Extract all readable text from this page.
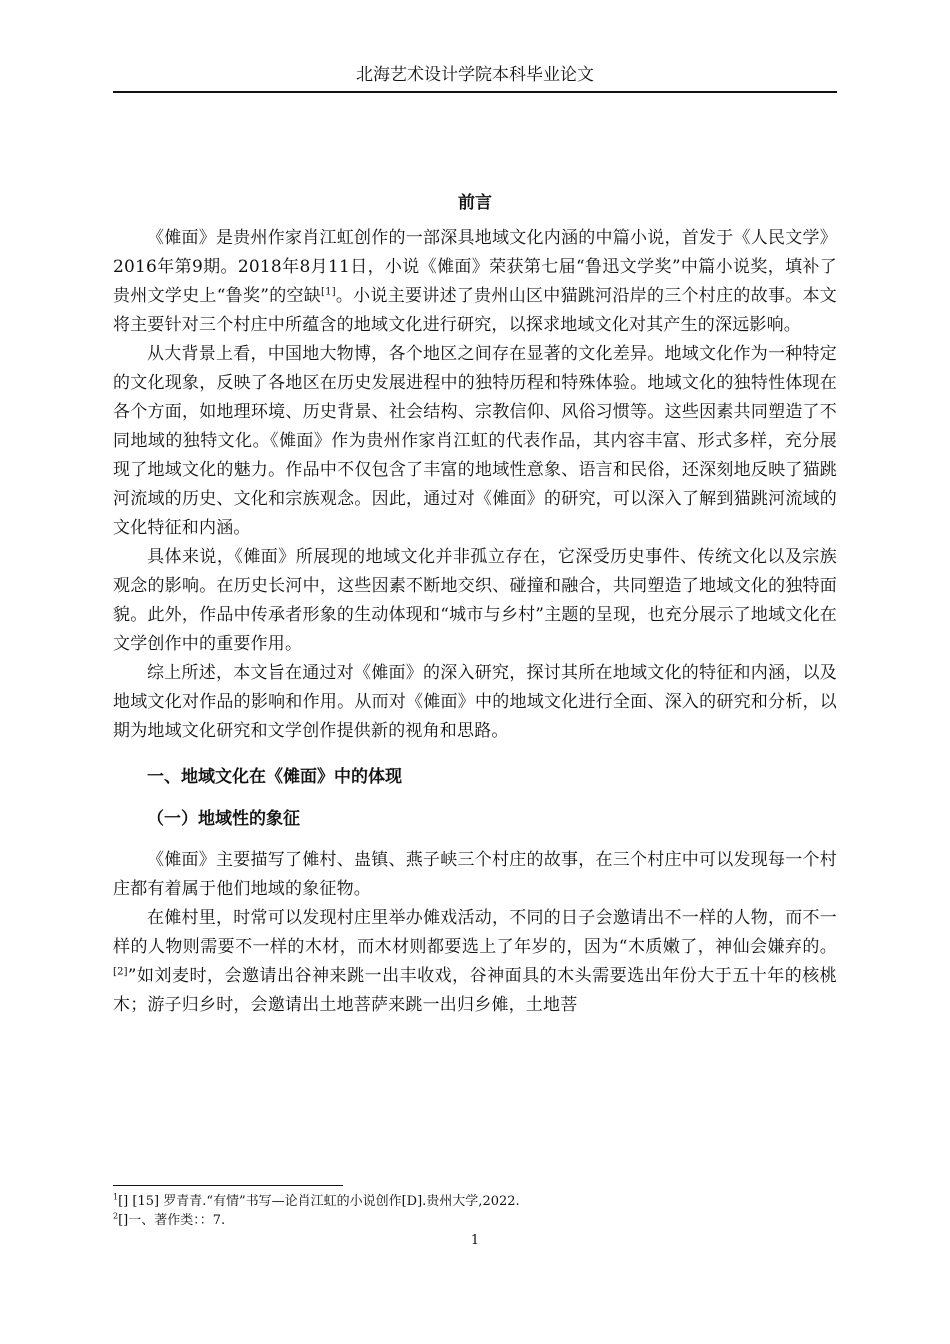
北海艺术设计学院本科毕业论文
前言

《傩面》是贵州作家肖江虹创作的一部深具地域文化内涵的中篇小说，首发于《人民文学》2016年第9期。2018年8月11日，小说《傩面》荣获第七届“鲁迅文学奖”中篇小说奖，填补了贵州文学史上“鲁奖”的空缺[1]。小说主要讲述了贵州山区中猫跳河沿岸的三个村庄的故事。本文将主要针对三个村庄中所蕴含的地域文化进行研究，以探求地域文化对其产生的深远影响。

从大背景上看，中国地大物博，各个地区之间存在显著的文化差异。地域文化作为一种特定的文化现象，反映了各地区在历史发展进程中的独特历程和特殊体验。地域文化的独特性体现在各个方面，如地理环境、历史背景、社会结构、宗教信仰、风俗习惯等。这些因素共同塑造了不同地域的独特文化。《傩面》作为贵州作家肖江虹的代表作品，其内容丰富、形式多样，充分展现了地域文化的魅力。作品中不仅包含了丰富的地域性意象、语言和民俗，还深刻地反映了猫跳河流域的历史、文化和宗族观念。因此，通过对《傩面》的研究，可以深入了解到猫跳河流域的文化特征和内涵。

具体来说，《傩面》所展现的地域文化并非孤立存在，它深受历史事件、传统文化以及宗族观念的影响。在历史长河中，这些因素不断地交织、碰撞和融合，共同塑造了地域文化的独特面貌。此外，作品中传承者形象的生动体现和“城市与乡村”主题的呈现，也充分展示了地域文化在文学创作中的重要作用。

综上所述，本文旨在通过对《傩面》的深入研究，探讨其所在地域文化的特征和内涵，以及地域文化对作品的影响和作用。从而对《傩面》中的地域文化进行全面、深入的研究和分析，以期为地域文化研究和文学创作提供新的视角和思路。

一、地域文化在《傩面》中的体现
（一）地域性的象征

《傩面》主要描写了傩村、蛊镇、燕子峡三个村庄的故事，在三个村庄中可以发现每一个村庄都有着属于他们地域的象征物。

在傩村里，时常可以发现村庄里举办傩戏活动，不同的日子会邀请出不一样的人物，而不一样的人物则需要不一样的木材，而木材则都要选上了年岁的，因为“木质嫩了，神仙会嫌弃的。[2]”如刘麦时，会邀请出谷神来跳一出丰收戏，谷神面具的木头需要选出年份大于五十年的核桃木；游子归乡时，会邀请出土地菩萨来跳一出归乡傩，土地菩

$^1$[] [15] 罗青青.“有情”书写—论肖江虹的小说创作[D].贵州大学,2022.

$^2$[]一、著作类：：7.

1
